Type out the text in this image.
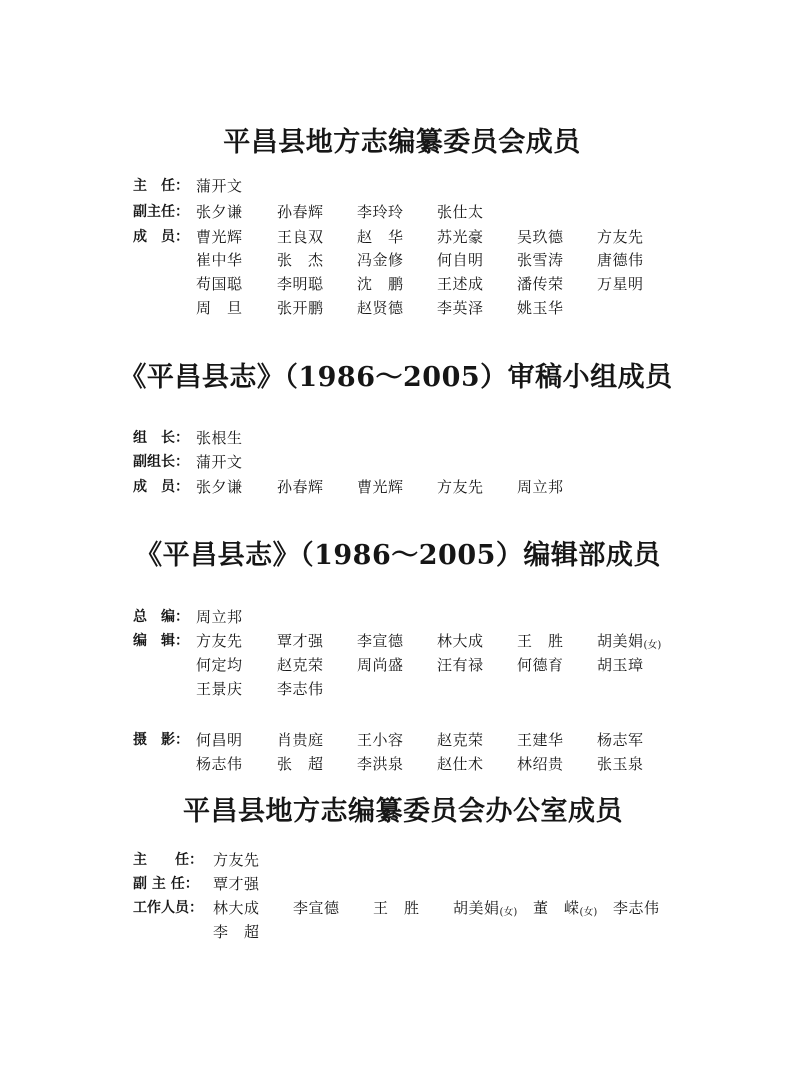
平昌县地方志编纂委员会成员
主　任： 蒲开文
副主任： 张夕谦 孙春辉 李玲玲 张仕太
成　员： 曹光辉 王良双 赵　华 苏光豪 吴玖德 方友先
崔中华 张　杰 冯金修 何自明 张雪涛 唐德伟
苟国聪 李明聪 沈　鹏 王述成 潘传荣 万星明
周　旦 张开鹏 赵贤德 李英泽 姚玉华
《平昌县志》（1986～2005）审稿小组成员
组　长： 张根生
副组长： 蒲开文
成　员： 张夕谦 孙春辉 曹光辉 方友先 周立邦
《平昌县志》（1986～2005）编辑部成员
总　编： 周立邦
编　辑： 方友先 覃才强 李宣德 林大成 王　胜 胡美娟(女)
何定均 赵克荣 周尚盛 汪有禄 何德育 胡玉璋
王景庆 李志伟
摄　影： 何昌明 肖贵庭 王小容 赵克荣 王建华 杨志军
杨志伟 张　超 李洪泉 赵仕术 林绍贵 张玉泉
平昌县地方志编纂委员会办公室成员
主　　任： 方友先
副 主 任： 覃才强
工作人员： 林大成 李宣德 王　胜 胡美娟(女) 董　嵘(女) 李志伟
李　超
